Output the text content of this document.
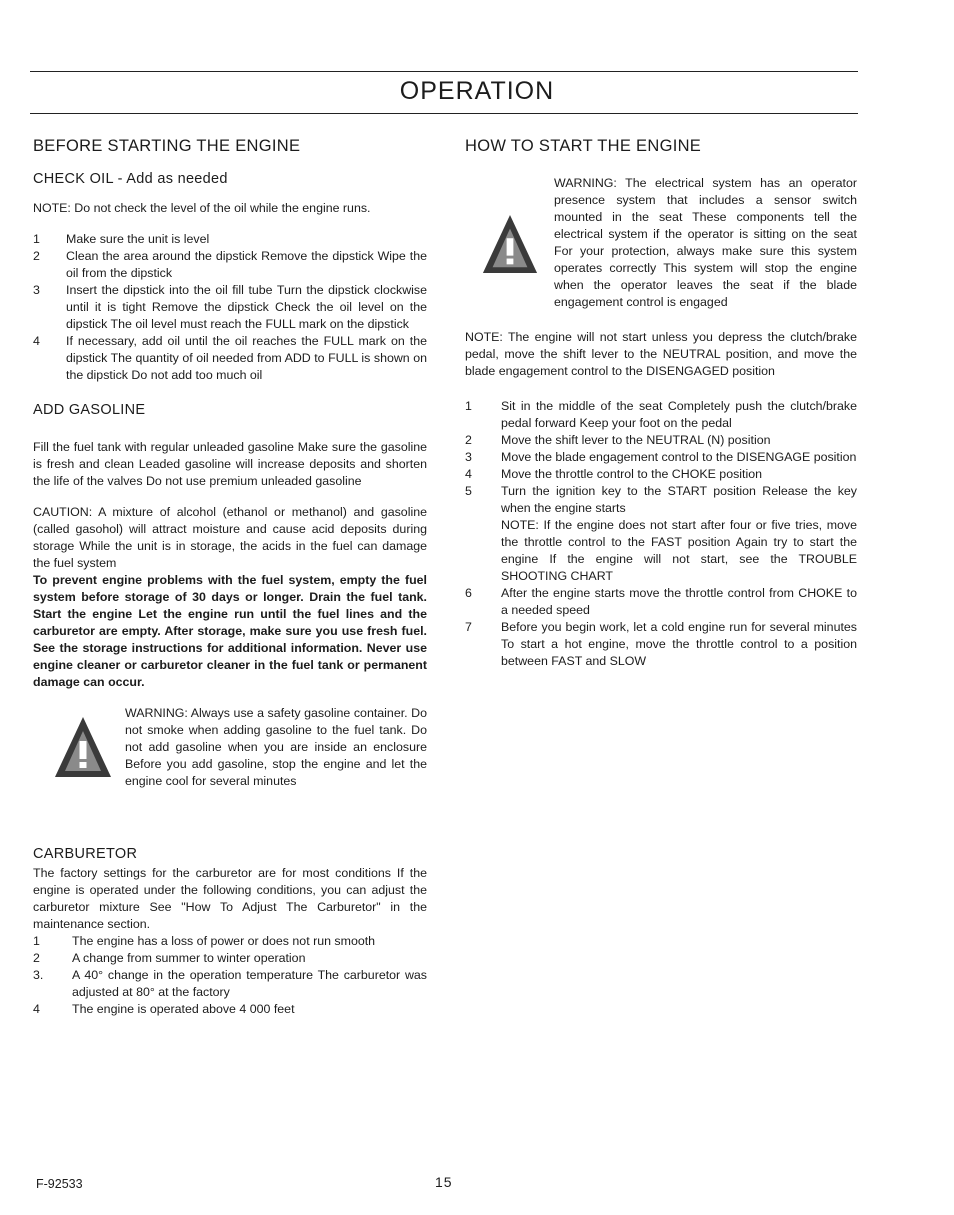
OPERATION
BEFORE STARTING THE ENGINE
CHECK OIL - Add as needed

NOTE: Do not check the level of the oil while the engine runs.

1 Make sure the unit is level
2 Clean the area around the dipstick Remove the dipstick Wipe the oil from the dipstick
3 Insert the dipstick into the oil fill tube Turn the dipstick clockwise until it is tight Remove the dipstick Check the oil level on the dipstick The oil level must reach the FULL mark on the dipstick
4 If necessary, add oil until the oil reaches the FULL mark on the dipstick The quantity of oil needed from ADD to FULL is shown on the dipstick Do not add too much oil
ADD GASOLINE

Fill the fuel tank with regular unleaded gasoline Make sure the gasoline is fresh and clean Leaded gasoline will increase deposits and shorten the life of the valves Do not use premium unleaded gasoline

CAUTION: A mixture of alcohol (ethanol or methanol) and gasoline (called gasohol) will attract moisture and cause acid deposits during storage While the unit is in storage, the acids in the fuel can damage the fuel system

To prevent engine problems with the fuel system, empty the fuel system before storage of 30 days or longer. Drain the fuel tank. Start the engine Let the engine run until the fuel lines and the carburetor are empty. After storage, make sure you use fresh fuel. See the storage instructions for additional information. Never use engine cleaner or carburetor cleaner in the fuel tank or permanent damage can occur.

WARNING: Always use a safety gasoline container. Do not smoke when adding gasoline to the fuel tank. Do not add gasoline when you are inside an enclosure Before you add gasoline, stop the engine and let the engine cool for several minutes

CARBURETOR

The factory settings for the carburetor are for most conditions If the engine is operated under the following conditions, you can adjust the carburetor mixture See "How To Adjust The Carburetor" in the maintenance section.

1	The engine has a loss of power or does not run smooth
2	A change from summer to winter operation
3. A 40° change in the operation temperature The carburetor was adjusted at 80° at the factory
4	The engine is operated above 4 000 feet
HOW TO START THE ENGINE

WARNING: The electrical system has an operator presence system that includes a sensor switch mounted in the seat These components tell the electrical system if the operator is sitting on the seat For your protection, always make sure this system operates correctly This system will stop the engine when the operator leaves the seat if the blade engagement control is engaged

NOTE: The engine will not start unless you depress the clutch/brake pedal, move the shift lever to the NEUTRAL position, and move the blade engagement control to the DISENGAGED position

1 Sit in the middle of the seat Completely push the clutch/brake pedal forward Keep your foot on the pedal
2 Move the shift lever to the NEUTRAL (N) position
3 Move the blade engagement control to the DISENGAGE position
4 Move the throttle control to the CHOKE position
5 Turn the ignition key to the START position Release the key when the engine starts
NOTE: If the engine does not start after four or five tries, move the throttle control to the FAST position Again try to start the engine If the engine will not start, see the TROUBLE SHOOTING CHART
6 After the engine starts move the throttle control from CHOKE to a needed speed
7 Before you begin work, let a cold engine run for several minutes To start a hot engine, move the throttle control to a position between FAST and SLOW
F-92533	15
